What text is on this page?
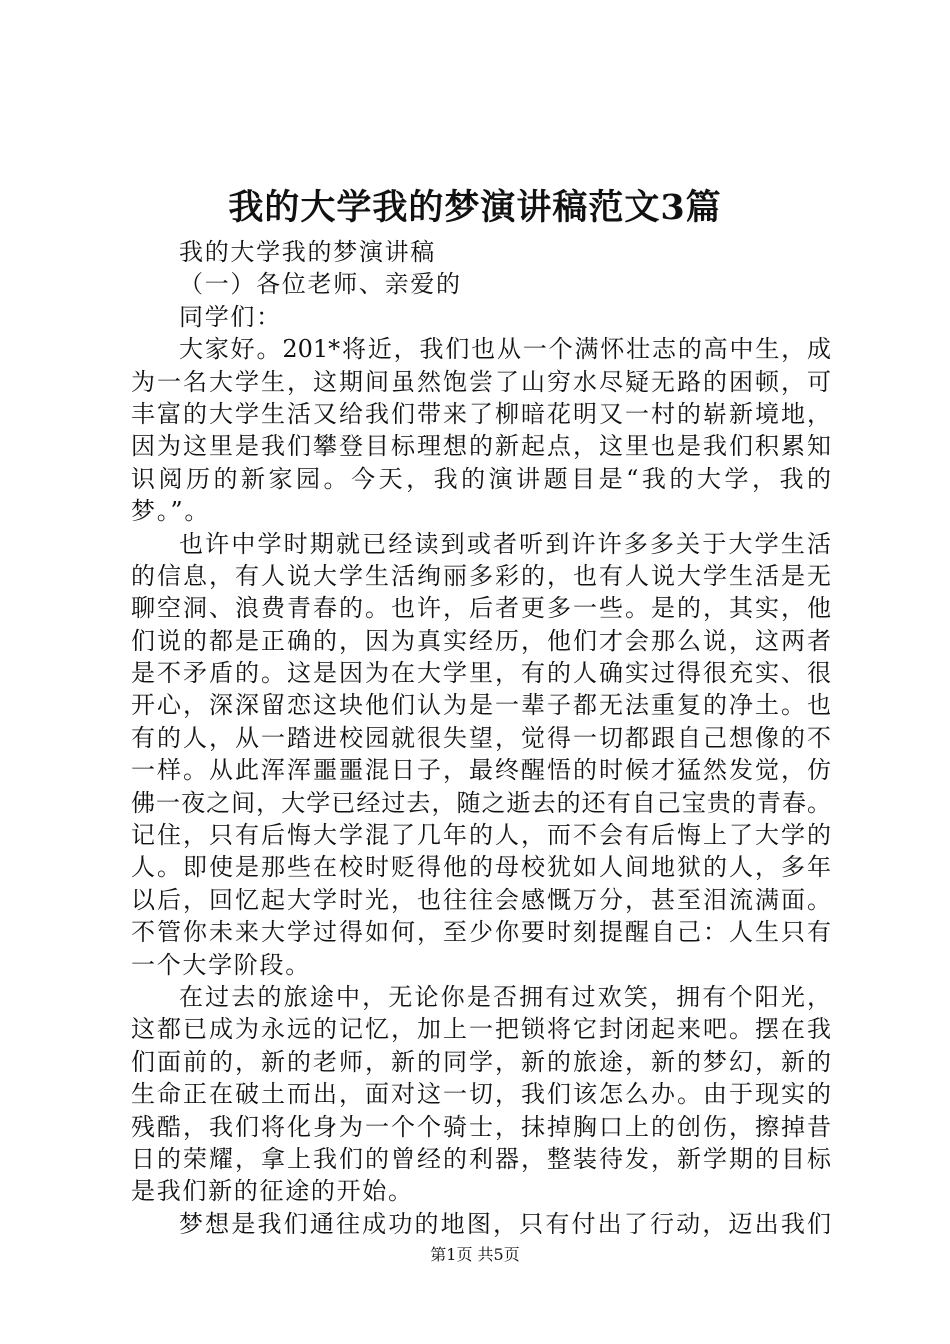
我的大学我的梦演讲稿范文3篇

我的大学我的梦演讲稿

（一）各位老师、亲爱的

同学们：

大家好。201*将近，我们也从一个满怀壮志的高中生，成

为一名大学生，这期间虽然饱尝了山穷水尽疑无路的困顿，可

丰富的大学生活又给我们带来了柳暗花明又一村的崭新境地，

因为这里是我们攀登目标理想的新起点，这里也是我们积累知

识阅历的新家园。今天，我的演讲题目是“我的大学，我的

梦。”。

也许中学时期就已经读到或者听到许许多多关于大学生活

的信息，有人说大学生活绚丽多彩的，也有人说大学生活是无

聊空洞、浪费青春的。也许，后者更多一些。是的，其实，他

们说的都是正确的，因为真实经历，他们才会那么说，这两者

是不矛盾的。这是因为在大学里，有的人确实过得很充实、很

开心，深深留恋这块他们认为是一辈子都无法重复的净土。也

有的人，从一踏进校园就很失望，觉得一切都跟自己想像的不

一样。从此浑浑噩噩混日子，最终醒悟的时候才猛然发觉，仿

佛一夜之间，大学已经过去，随之逝去的还有自己宝贵的青春。

记住，只有后悔大学混了几年的人，而不会有后悔上了大学的

人。即使是那些在校时贬得他的母校犹如人间地狱的人，多年

以后，回忆起大学时光，也往往会感慨万分，甚至泪流满面。

不管你未来大学过得如何，至少你要时刻提醒自己：人生只有

一个大学阶段。

在过去的旅途中，无论你是否拥有过欢笑，拥有个阳光，

这都已成为永远的记忆，加上一把锁将它封闭起来吧。摆在我

们面前的，新的老师，新的同学，新的旅途，新的梦幻，新的

生命正在破土而出，面对这一切，我们该怎么办。由于现实的

残酷，我们将化身为一个个骑士，抹掉胸口上的创伤，擦掉昔

日的荣耀，拿上我们的曾经的利器，整装待发，新学期的目标

是我们新的征途的开始。

梦想是我们通往成功的地图，只有付出了行动，迈出我们

第1页 共5页
